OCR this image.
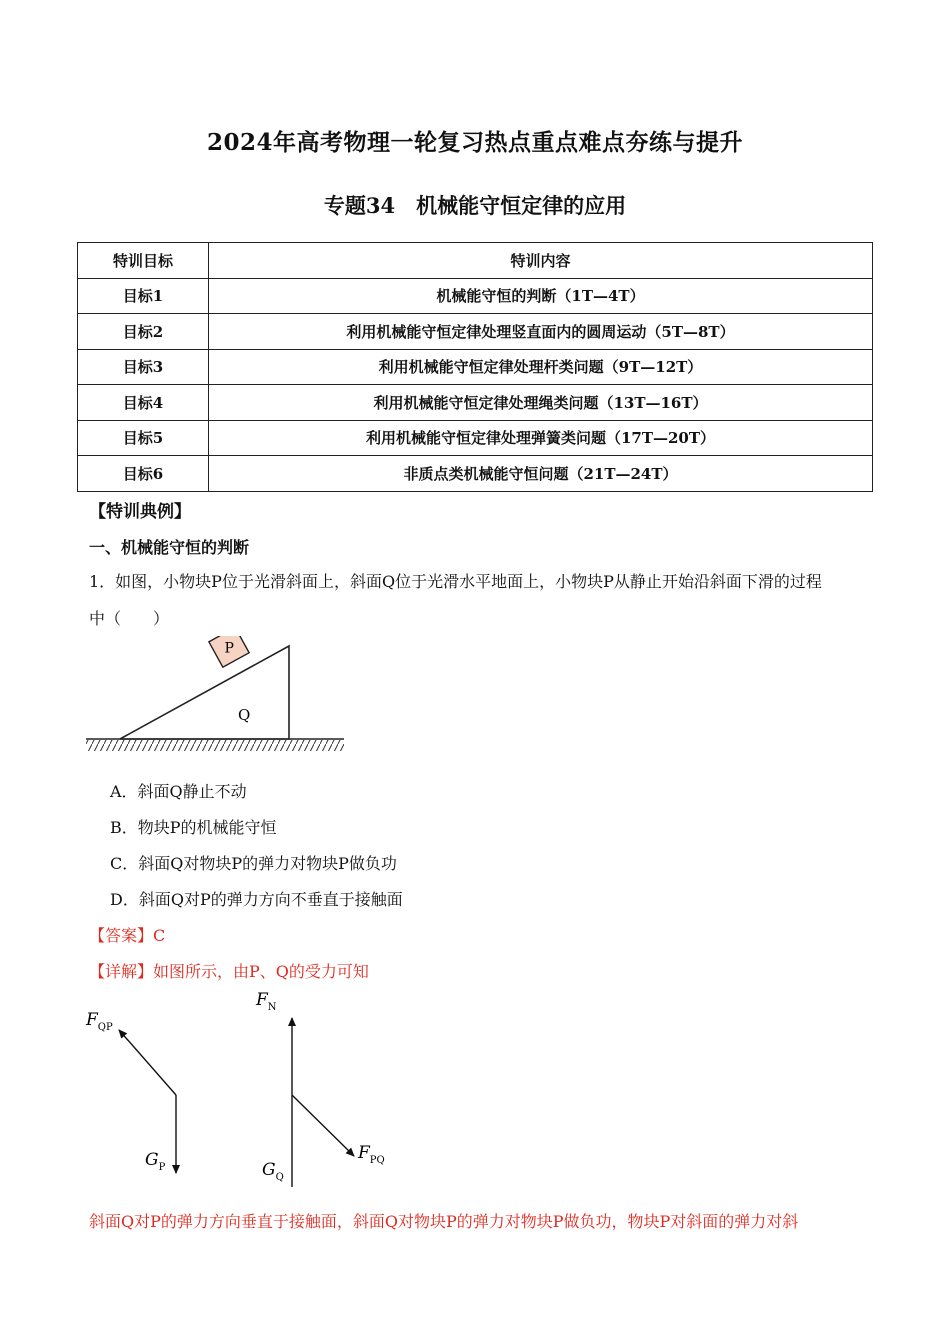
2024年高考物理一轮复习热点重点难点夯练与提升
专题34　机械能守恒定律的应用
特训目标	特训内容
目标1	机械能守恒的判断（1T—4T）
目标2	利用机械能守恒定律处理竖直面内的圆周运动（5T—8T）
目标3	利用机械能守恒定律处理杆类问题（9T—12T）
目标4	利用机械能守恒定律处理绳类问题（13T—16T）
目标5	利用机械能守恒定律处理弹簧类问题（17T—20T）
目标6	非质点类机械能守恒问题（21T—24T）
【特训典例】
一、机械能守恒的判断
1．如图，小物块P位于光滑斜面上，斜面Q位于光滑水平地面上，小物块P从静止开始沿斜面下滑的过程
中（　　）
P
Q
A．斜面Q静止不动
B．物块P的机械能守恒
C．斜面Q对物块P的弹力对物块P做负功
D．斜面Q对P的弹力方向不垂直于接触面
【答案】C
【详解】如图所示，由P、Q的受力可知
$F_{QP}$
$G_P$
$F_N$
$G_Q$
$F_{PQ}$
斜面Q对P的弹力方向垂直于接触面，斜面Q对物块P的弹力对物块P做负功，物块P对斜面的弹力对斜
